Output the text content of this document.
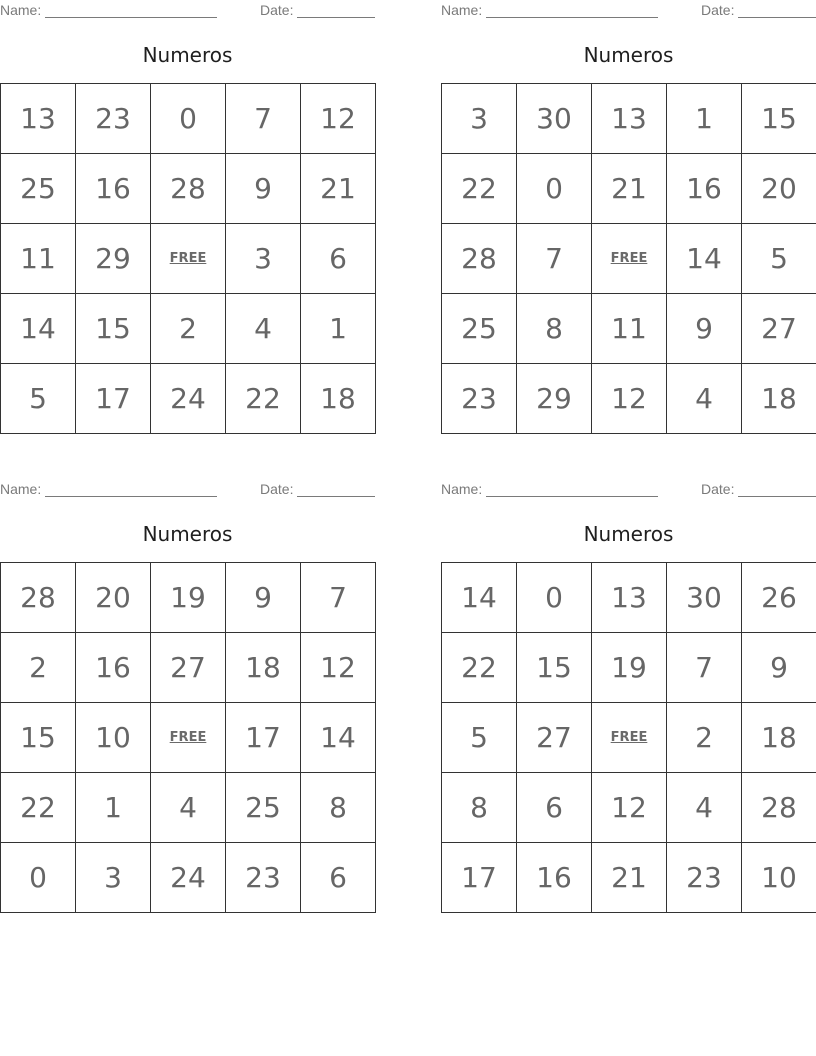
Name:	Date:
Numeros
13	23	0	7	12
25	16	28	9	21
11	29	FREE	3	6
14	15	2	4	1
5	17	24	22	18
Name:	Date:
Numeros
3	30	13	1	15
22	0	21	16	20
28	7	FREE	14	5
25	8	11	9	27
23	29	12	4	18
Name:	Date:
Numeros
28	20	19	9	7
2	16	27	18	12
15	10	FREE	17	14
22	1	4	25	8
0	3	24	23	6
Name:	Date:
Numeros
14	0	13	30	26
22	15	19	7	9
5	27	FREE	2	18
8	6	12	4	28
17	16	21	23	10
